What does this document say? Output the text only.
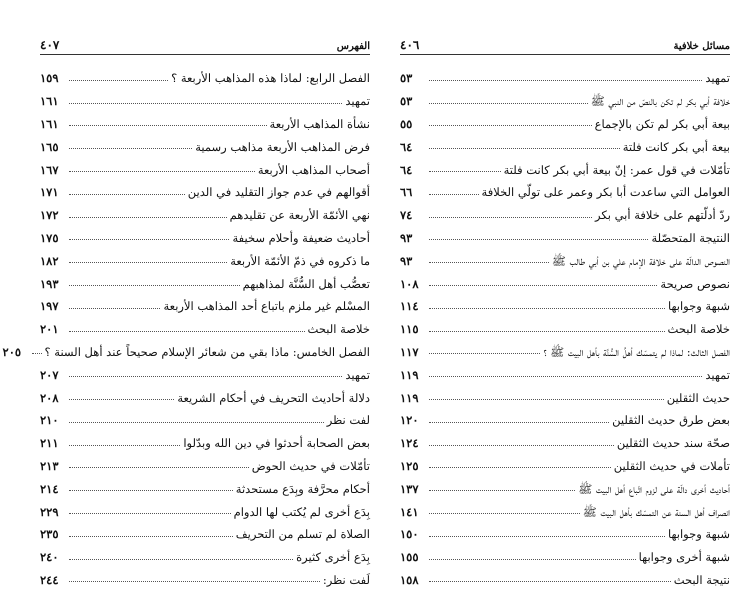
٤٠٦	مسائل خلافية
تمهيد
٥٣
خلافة أبي بكر لم تكن بالنصّ من النبي ﷺ
٥٣
بيعة أبي بكر لم تكن بالإجماع
٥٥
بيعة أبي بكر كانت فلتة
٦٤
تأمّلات في قول عمر: إنّ بيعة أبي بكر كانت فلتة
٦٤
العوامل التي ساعدت أبا بكر وعمر على تولّي الخلافة
٦٦
ردّ أدلّتهم على خلافة أبي بكر
٧٤
النتيجة المتحصّلة
٩٣
النصوص الدالّة على خلافة الإمام علي بن أبي طالب ﷺ
٩٣
نصوص صريحة
١٠٨
شبهة وجوابها
١١٤
خلاصة البحث
١١٥
الفصل الثالث: لماذا لم يتمسّك أهلُ السُّنَّة بأهل البيت ﷺ ؟
١١٧
تمهيد
١١٩
حديث الثقلين
١١٩
بعض طرق حديث الثقلين
١٢٠
صحّة سند حديث الثقلين
١٢٤
تأملات في حديث الثقلين
١٢٥
أحاديث أخرى دالّة على لزوم اتّباع أهل البيت ﷺ
١٣٧
انصراف أهل السنة عن التمسّك بأهل البيت ﷺ
١٤١
شبهة وجوابها
١٥٠
شبهة أخرى وجوابها
١٥٥
نتيجة البحث
١٥٨
٤٠٧	الفهرس
الفصل الرابع: لماذا هذه المذاهب الأربعة ؟
١٥٩
تمهيد
١٦١
نشأة المذاهب الأربعة
١٦١
فرض المذاهب الأربعة مذاهب رسمية
١٦٥
أصحاب المذاهب الأربعة
١٦٧
أقوالهم في عدم جواز التقليد في الدين
١٧١
نهي الأئمّة الأربعة عن تقليدهم
١٧٢
أحاديث ضعيفة وأحلام سخيفة
١٧٥
ما ذكروه في ذمّ الأئمّة الأربعة
١٨٢
تعصُّب أهل السُّنَّة لمذاهبهم
١٩٣
المسْلم غير ملزم باتباع أحد المذاهب الأربعة
١٩٧
خلاصة البحث
٢٠١
الفصل الخامس: ماذا بقي من شعائر الإسلام صحيحاً عند أهل السنة ؟
٢٠٥
تمهيد
٢٠٧
دلالة أحاديث التحريف في أحكام الشريعة
٢٠٨
لفت نظر
٢١٠
بعض الصحابة أحدثوا في دين الله وبدّلوا
٢١١
تأمّلات في حديث الحوض
٢١٣
أحكام محرَّفة وبِدَع مستحدثة
٢١٤
بِدَع أخرى لم يُكتب لها الدوام
٢٢٩
الصلاة لم تسلم من التحريف
٢٣٥
بِدَع أخرى كثيرة
٢٤٠
لَفت نظر:
٢٤٤
